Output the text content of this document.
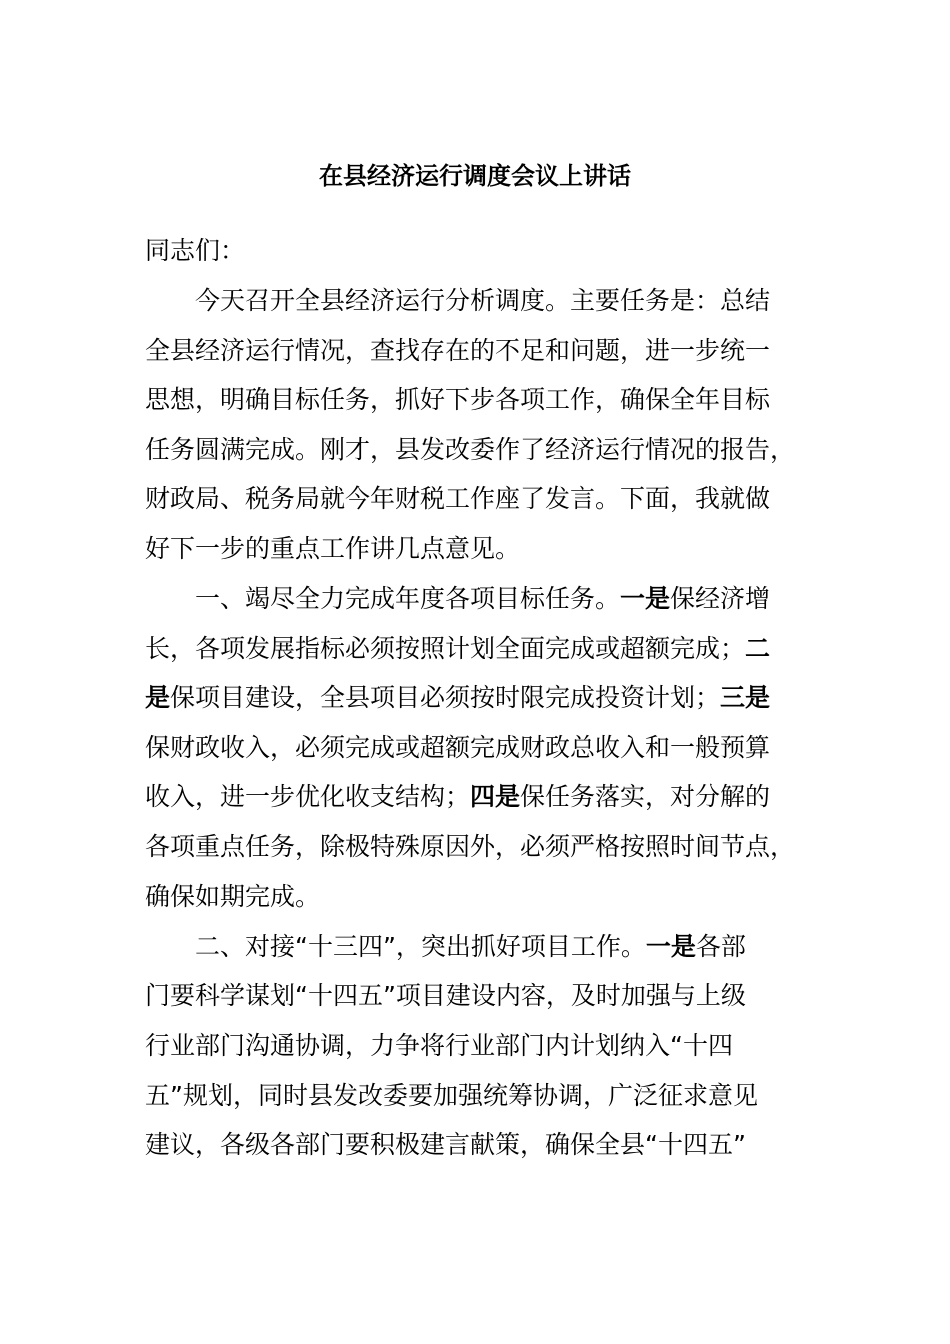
在县经济运行调度会议上讲话
同志们：
今天召开全县经济运行分析调度。主要任务是：总结
全县经济运行情况，查找存在的不足和问题，进一步统一
思想，明确目标任务，抓好下步各项工作，确保全年目标
任务圆满完成。刚才，县发改委作了经济运行情况的报告，
财政局、税务局就今年财税工作座了发言。下面，我就做
好下一步的重点工作讲几点意见。
一、竭尽全力完成年度各项目标任务。一是保经济增
长，各项发展指标必须按照计划全面完成或超额完成；二
是保项目建设，全县项目必须按时限完成投资计划；三是
保财政收入，必须完成或超额完成财政总收入和一般预算
收入，进一步优化收支结构；四是保任务落实，对分解的
各项重点任务，除极特殊原因外，必须严格按照时间节点，
确保如期完成。
二、对接“十三四”，突出抓好项目工作。一是各部
门要科学谋划“十四五”项目建设内容，及时加强与上级
行业部门沟通协调，力争将行业部门内计划纳入“十四
五”规划，同时县发改委要加强统筹协调，广泛征求意见
建议，各级各部门要积极建言献策，确保全县“十四五”
